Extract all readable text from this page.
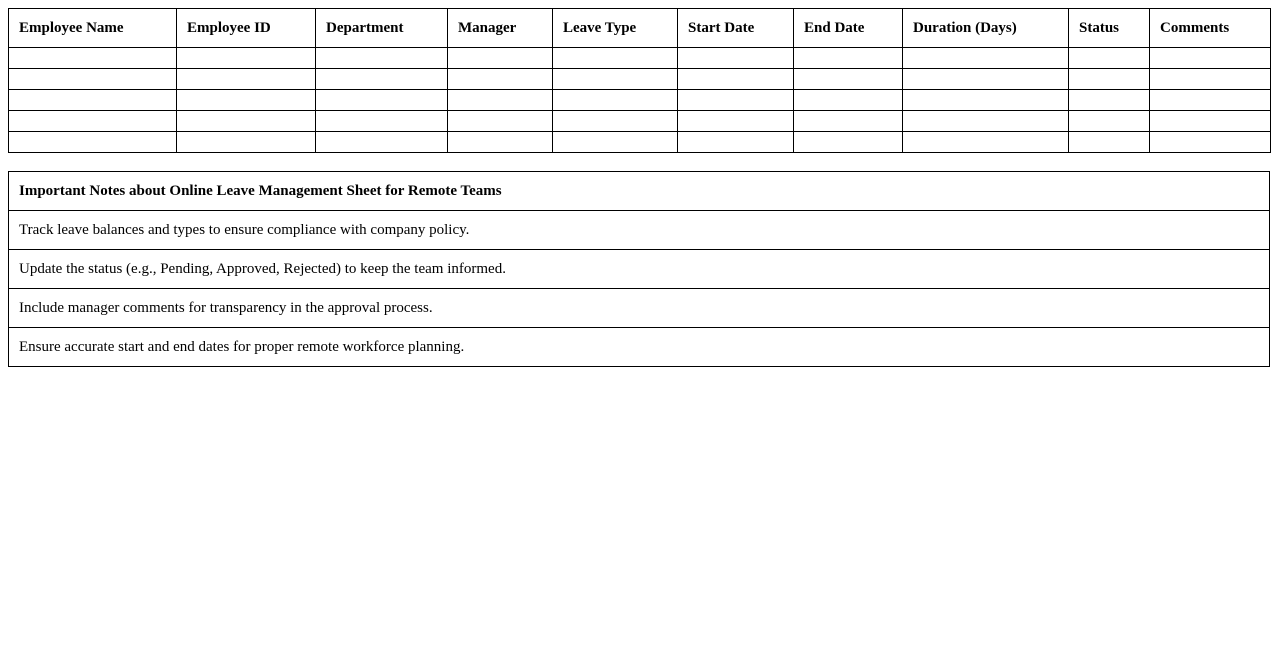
Employee Name	Employee ID	Department	Manager	Leave Type	Start Date	End Date	Duration (Days)	Status	Comments

Important Notes about Online Leave Management Sheet for Remote Teams
Track leave balances and types to ensure compliance with company policy.
Update the status (e.g., Pending, Approved, Rejected) to keep the team informed.
Include manager comments for transparency in the approval process.
Ensure accurate start and end dates for proper remote workforce planning.
